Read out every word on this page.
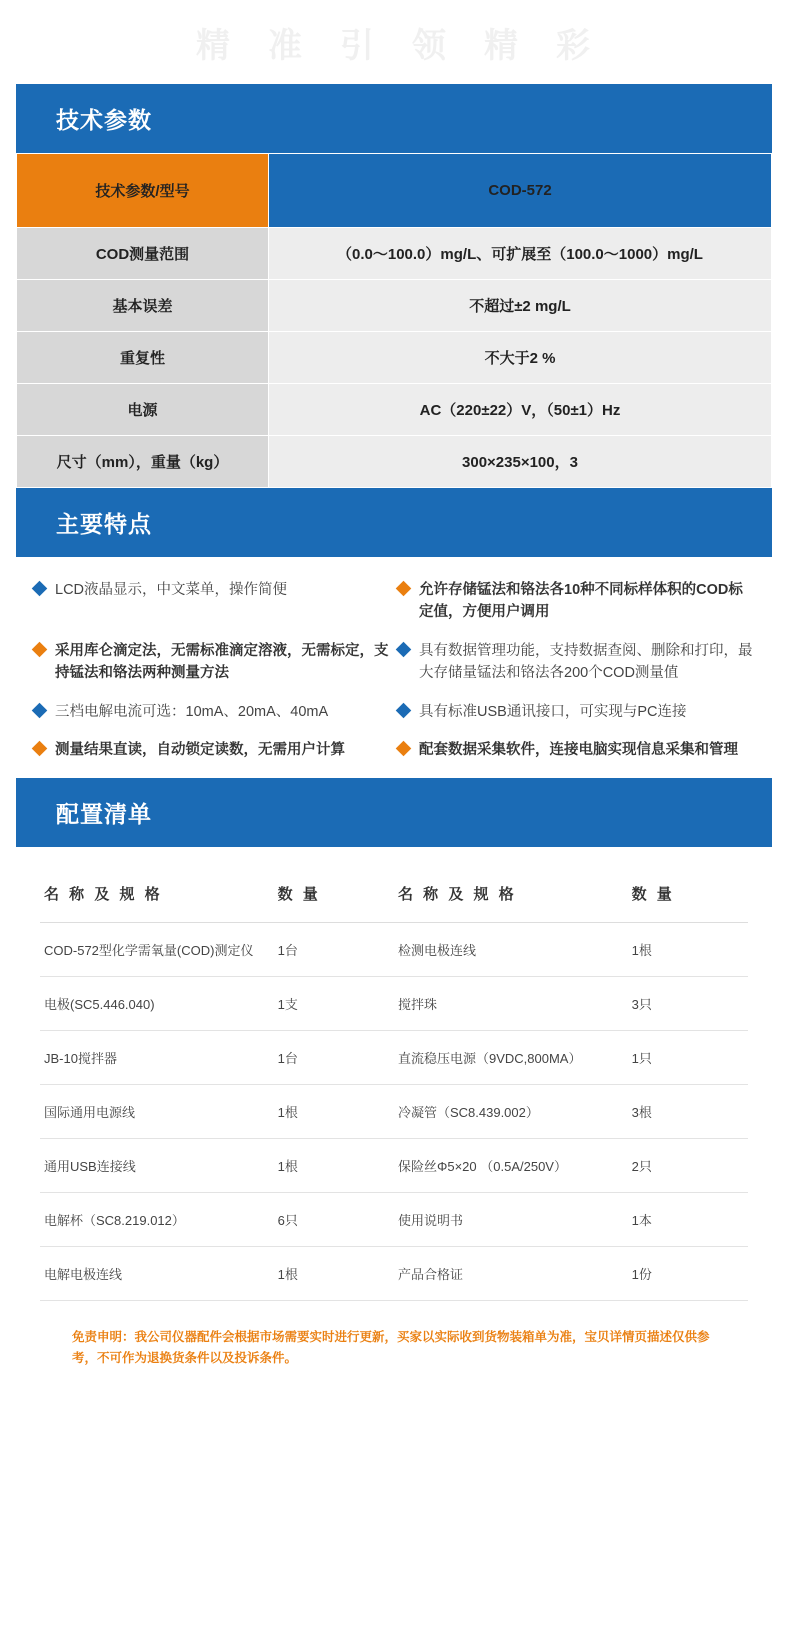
精 准 引 领 精 彩
技术参数
技术参数/型号	COD-572
COD测量范围	（0.0～100.0）mg/L、可扩展至（100.0～1000）mg/L
基本误差	不超过±2 mg/L
重复性	不大于2 %
电源	AC（220±22）V，（50±1）Hz
尺寸（mm），重量（kg）	300×235×100，3
主要特点
LCD液晶显示，中文菜单，操作简便	允许存储锰法和铬法各10种不同标样体积的COD标定值，方便用户调用
采用库仑滴定法，无需标准滴定溶液，无需标定，支持锰法和铬法两种测量方法
具有数据管理功能，支持数据查阅、删除和打印，最大存储量锰法和铬法各200个COD测量值
三档电解电流可选：10mA、20mA、40mA	具有标准USB通讯接口，可实现与PC连接
测量结果直读，自动锁定读数，无需用户计算	配套数据采集软件，连接电脑实现信息采集和管理
配置清单
名 称 及 规 格	数 量	名 称 及 规 格	数 量
COD-572型化学需氧量(COD)测定仪	1台	检测电极连线	1根
电极(SC5.446.040)	1支	搅拌珠	3只
JB-10搅拌器	1台	直流稳压电源（9VDC,800MA）	1只
国际通用电源线	1根	冷凝管（SC8.439.002）	3根
通用USB连接线	1根	保险丝Φ5×20 （0.5A/250V）	2只
电解杯（SC8.219.012）	6只	使用说明书	1本
电解电极连线	1根	产品合格证	1份
免责申明：我公司仪器配件会根据市场需要实时进行更新，买家以实际收到货物装箱单为准，宝贝详情页描述仅供参考，不可作为退换货条件以及投诉条件。
